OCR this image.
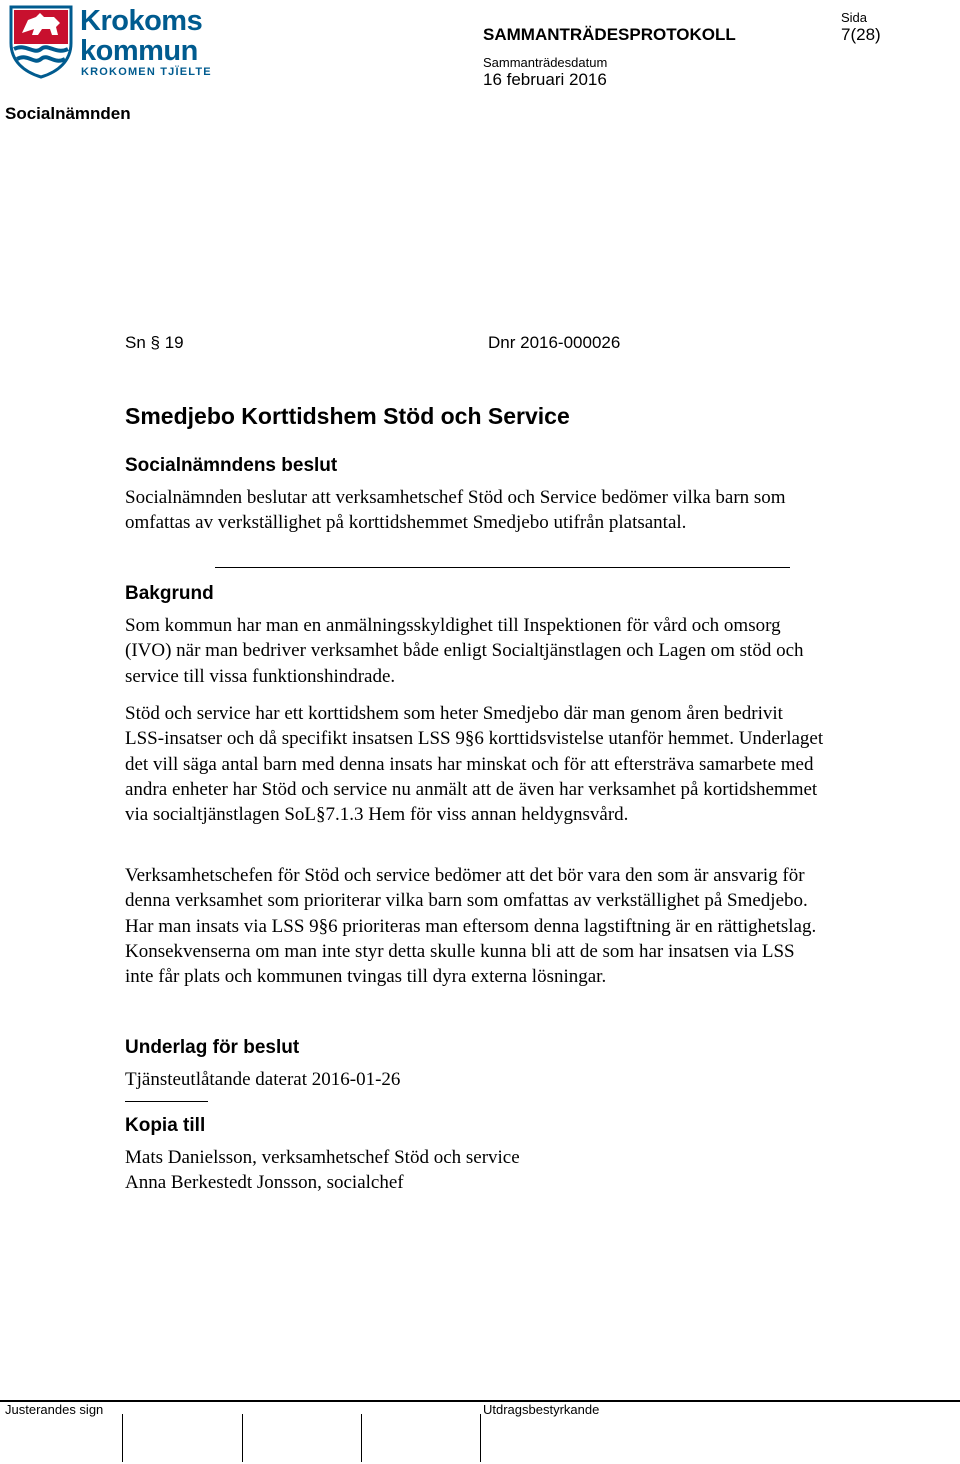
Krokoms
kommun
KROKOMEN TJÏELTE
SAMMANTRÄDESPROTOKOLL
Sida
7(28)
Sammanträdesdatum
16 februari 2016
Socialnämnden
Sn § 19	Dnr 2016-000026
Smedjebo Korttidshem Stöd och Service
Socialnämndens beslut
Socialnämnden beslutar att verksamhetschef Stöd och Service bedömer vilka barn som omfattas av verkställighet på korttidshemmet Smedjebo utifrån platsantal.
Bakgrund
Som kommun har man en anmälningsskyldighet till Inspektionen för vård och omsorg (IVO) när man bedriver verksamhet både enligt Socialtjänstlagen och Lagen om stöd och service till vissa funktionshindrade.
Stöd och service har ett korttidshem som heter Smedjebo där man genom åren bedrivit LSS-insatser och då specifikt insatsen LSS 9§6 korttidsvistelse utanför hemmet. Underlaget det vill säga antal barn med denna insats har minskat och för att eftersträva samarbete med andra enheter har Stöd och service nu anmält att de även har verksamhet på kortidshemmet via socialtjänstlagen SoL§7.1.3 Hem för viss annan heldygnsvård.
Verksamhetschefen för Stöd och service bedömer att det bör vara den som är ansvarig för denna verksamhet som prioriterar vilka barn som omfattas av verkställighet på Smedjebo. Har man insats via LSS 9§6 prioriteras man eftersom denna lagstiftning är en rättighetslag. Konsekvenserna om man inte styr detta skulle kunna bli att de som har insatsen via LSS inte får plats och kommunen tvingas till dyra externa lösningar.
Underlag för beslut
Tjänsteutlåtande daterat 2016-01-26
Kopia till
Mats Danielsson, verksamhetschef Stöd och service
Anna Berkestedt Jonsson, socialchef
Justerandes sign	Utdragsbestyrkande
